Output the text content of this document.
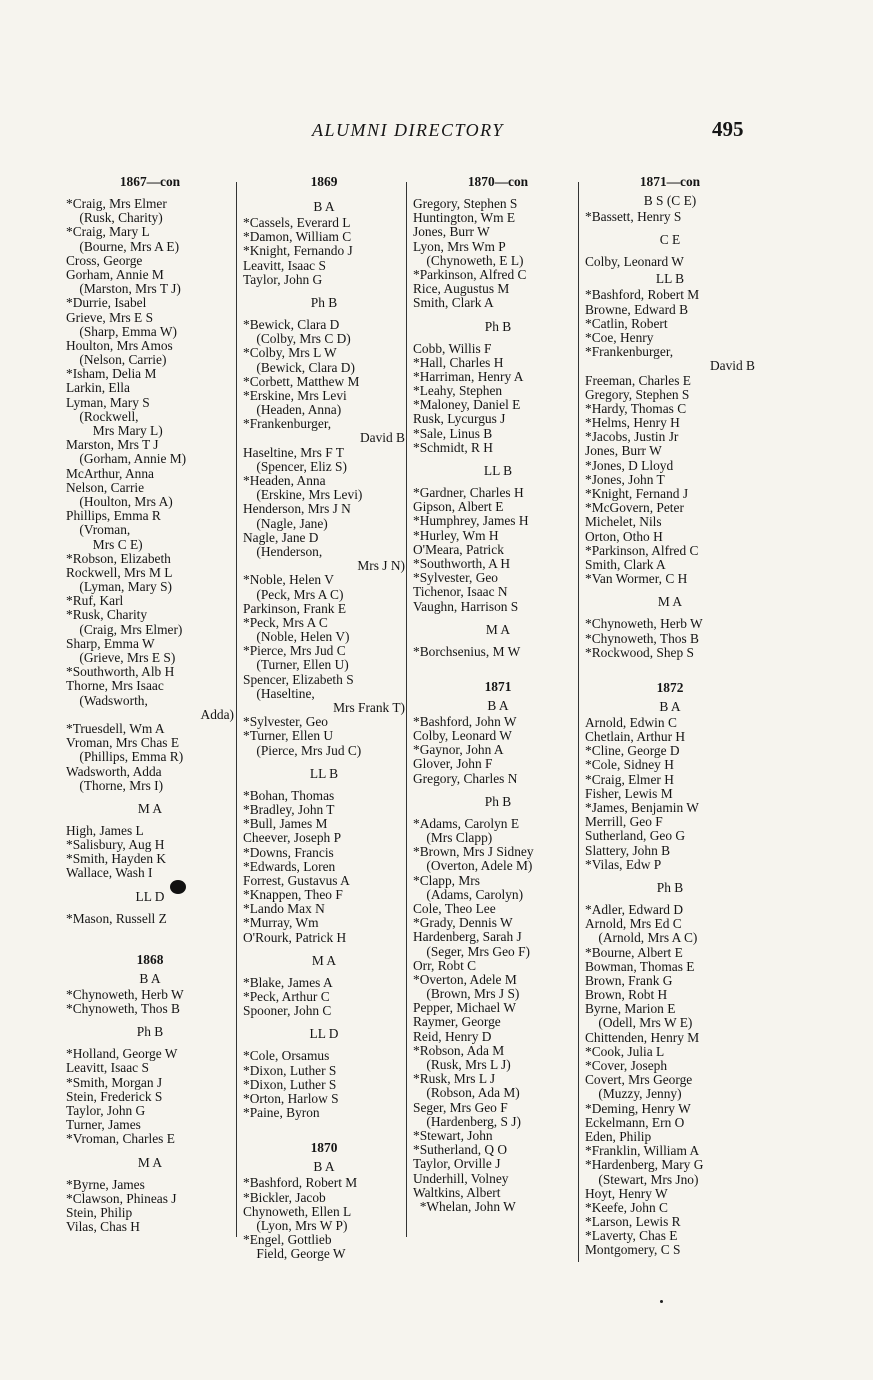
ALUMNI DIRECTORY	495
1867—con
*Craig, Mrs Elmer
(Rusk, Charity)
*Craig, Mary L
(Bourne, Mrs A E)
Cross, George
Gorham, Annie M
(Marston, Mrs T J)
*Durrie, Isabel
Grieve, Mrs E S
(Sharp, Emma W)
Houlton, Mrs Amos
(Nelson, Carrie)
*Isham, Delia M
Larkin, Ella
Lyman, Mary S
(Rockwell,
Mrs Mary L)
Marston, Mrs T J
(Gorham, Annie M)
McArthur, Anna
Nelson, Carrie
(Houlton, Mrs A)
Phillips, Emma R
(Vroman,
Mrs C E)
*Robson, Elizabeth
Rockwell, Mrs M L
(Lyman, Mary S)
*Ruf, Karl
*Rusk, Charity
(Craig, Mrs Elmer)
Sharp, Emma W
(Grieve, Mrs E S)
*Southworth, Alb H
Thorne, Mrs Isaac
(Wadsworth,
Adda)
*Truesdell, Wm A
Vroman, Mrs Chas E
(Phillips, Emma R)
Wadsworth, Adda
(Thorne, Mrs I)
M A
High, James L
*Salisbury, Aug H
*Smith, Hayden K
Wallace, Wash I
LL D
*Mason, Russell Z
1868
B A
*Chynoweth, Herb W
*Chynoweth, Thos B
Ph B
*Holland, George W
Leavitt, Isaac S
*Smith, Morgan J
Stein, Frederick S
Taylor, John G
Turner, James
*Vroman, Charles E
M A
*Byrne, James
*Clawson, Phineas J
Stein, Philip
Vilas, Chas H
1869
B A
*Cassels, Everard L
*Damon, William C
*Knight, Fernando J
Leavitt, Isaac S
Taylor, John G
Ph B
*Bewick, Clara D
(Colby, Mrs C D)
*Colby, Mrs L W
(Bewick, Clara D)
*Corbett, Matthew M
*Erskine, Mrs Levi
(Headen, Anna)
*Frankenburger,
David B
Haseltine, Mrs F T
(Spencer, Eliz S)
*Headen, Anna
(Erskine, Mrs Levi)
Henderson, Mrs J N
(Nagle, Jane)
Nagle, Jane D
(Henderson,
Mrs J N)
*Noble, Helen V
(Peck, Mrs A C)
Parkinson, Frank E
*Peck, Mrs A C
(Noble, Helen V)
*Pierce, Mrs Jud C
(Turner, Ellen U)
Spencer, Elizabeth S
(Haseltine,
Mrs Frank T)
*Sylvester, Geo
*Turner, Ellen U
(Pierce, Mrs Jud C)
LL B
*Bohan, Thomas
*Bradley, John T
*Bull, James M
Cheever, Joseph P
*Downs, Francis
*Edwards, Loren
Forrest, Gustavus A
*Knappen, Theo F
*Lando Max N
*Murray, Wm
O'Rourk, Patrick H
M A
*Blake, James A
*Peck, Arthur C
Spooner, John C
LL D
*Cole, Orsamus
*Dixon, Luther S
*Dixon, Luther S
*Orton, Harlow S
*Paine, Byron
1870
B A
*Bashford, Robert M
*Bickler, Jacob
Chynoweth, Ellen L
(Lyon, Mrs W P)
*Engel, Gottlieb
Field, George W
1870—con
Gregory, Stephen S
Huntington, Wm E
Jones, Burr W
Lyon, Mrs Wm P
(Chynoweth, E L)
*Parkinson, Alfred C
Rice, Augustus M
Smith, Clark A
Ph B
Cobb, Willis F
*Hall, Charles H
*Harriman, Henry A
*Leahy, Stephen
*Maloney, Daniel E
Rusk, Lycurgus J
*Sale, Linus B
*Schmidt, R H
LL B
*Gardner, Charles H
Gipson, Albert E
*Humphrey, James H
*Hurley, Wm H
O'Meara, Patrick
*Southworth, A H
*Sylvester, Geo
Tichenor, Isaac N
Vaughn, Harrison S
M A
*Borchsenius, M W
1871
B A
*Bashford, John W
Colby, Leonard W
*Gaynor, John A
Glover, John F
Gregory, Charles N
Ph B
*Adams, Carolyn E
(Mrs Clapp)
*Brown, Mrs J Sidney
(Overton, Adele M)
*Clapp, Mrs
(Adams, Carolyn)
Cole, Theo Lee
*Grady, Dennis W
Hardenberg, Sarah J
(Seger, Mrs Geo F)
Orr, Robt C
*Overton, Adele M
(Brown, Mrs J S)
Pepper, Michael W
Raymer, George
Reid, Henry D
*Robson, Ada M
(Rusk, Mrs L J)
*Rusk, Mrs L J
(Robson, Ada M)
Seger, Mrs Geo F
(Hardenberg, S J)
*Stewart, John
*Sutherland, Q O
Taylor, Orville J
Underhill, Volney
Waltkins, Albert
*Whelan, John W
1871—con
B S (C E)
*Bassett, Henry S
C E
Colby, Leonard W
LL B
*Bashford, Robert M
Browne, Edward B
*Catlin, Robert
*Coe, Henry
*Frankenburger,
David B
Freeman, Charles E
Gregory, Stephen S
*Hardy, Thomas C
*Helms, Henry H
*Jacobs, Justin Jr
Jones, Burr W
*Jones, D Lloyd
*Jones, John T
*Knight, Fernand J
*McGovern, Peter
Michelet, Nils
Orton, Otho H
*Parkinson, Alfred C
Smith, Clark A
*Van Wormer, C H
M A
*Chynoweth, Herb W
*Chynoweth, Thos B
*Rockwood, Shep S
1872
B A
Arnold, Edwin C
Chetlain, Arthur H
*Cline, George D
*Cole, Sidney H
*Craig, Elmer H
Fisher, Lewis M
*James, Benjamin W
Merrill, Geo F
Sutherland, Geo G
Slattery, John B
*Vilas, Edw P
Ph B
*Adler, Edward D
Arnold, Mrs Ed C
(Arnold, Mrs A C)
*Bourne, Albert E
Bowman, Thomas E
Brown, Frank G
Brown, Robt H
Byrne, Marion E
(Odell, Mrs W E)
Chittenden, Henry M
*Cook, Julia L
*Cover, Joseph
Covert, Mrs George
(Muzzy, Jenny)
*Deming, Henry W
Eckelmann, Ern O
Eden, Philip
*Franklin, William A
*Hardenberg, Mary G
(Stewart, Mrs Jno)
Hoyt, Henry W
*Keefe, John C
*Larson, Lewis R
*Laverty, Chas E
Montgomery, C S
